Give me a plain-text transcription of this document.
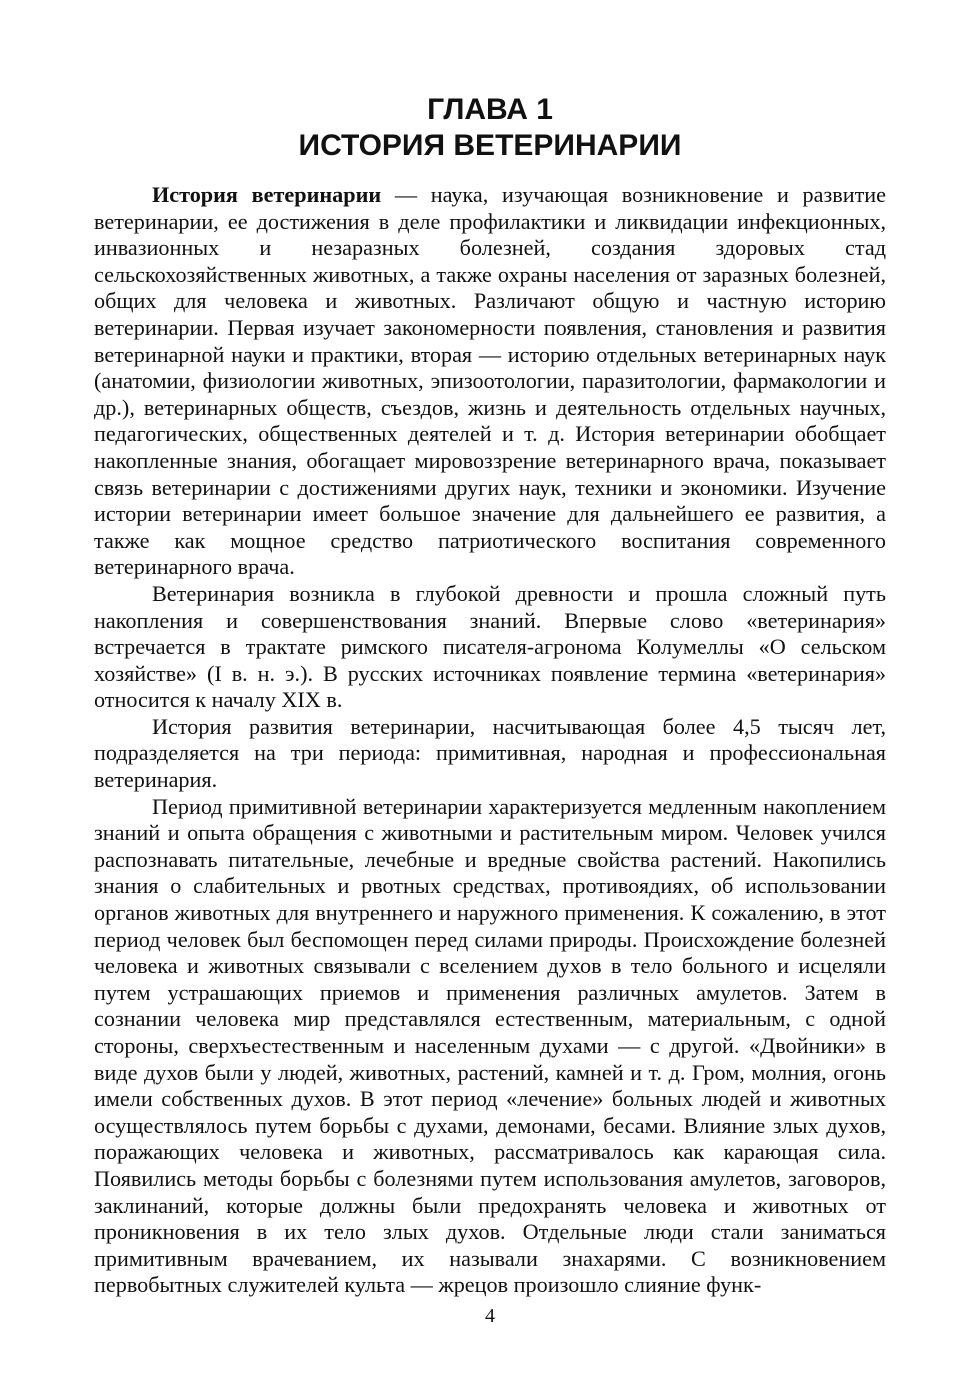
ГЛАВА 1
ИСТОРИЯ ВЕТЕРИНАРИИ

История ветеринарии — наука, изучающая возникновение и развитие ветеринарии, ее достижения в деле профилактики и ликвидации инфекционных, инвазионных и незаразных болезней, создания здоровых стад сельскохозяйственных животных, а также охраны населения от заразных болезней, общих для человека и животных. Различают общую и частную историю ветеринарии. Первая изучает закономерности появления, становления и развития ветеринарной науки и практики, вторая — историю отдельных ветеринарных наук (анатомии, физиологии животных, эпизоотологии, паразитологии, фармакологии и др.), ветеринарных обществ, съездов, жизнь и деятельность отдельных научных, педагогических, общественных деятелей и т. д. История ветеринарии обобщает накопленные знания, обогащает мировоззрение ветеринарного врача, показывает связь ветеринарии с достижениями других наук, техники и экономики. Изучение истории ветеринарии имеет большое значение для дальнейшего ее развития, а также как мощное средство патриотического воспитания современного ветеринарного врача.

Ветеринария возникла в глубокой древности и прошла сложный путь накопления и совершенствования знаний. Впервые слово «ветеринария» встречается в трактате римского писателя-агронома Колумеллы «О сельском хозяйстве» (I в. н. э.). В русских источниках появление термина «ветеринария» относится к началу XIX в.

История развития ветеринарии, насчитывающая более 4,5 тысяч лет, подразделяется на три периода: примитивная, народная и профессиональная ветеринария.

Период примитивной ветеринарии характеризуется медленным накоплением знаний и опыта обращения с животными и растительным миром. Человек учился распознавать питательные, лечебные и вредные свойства растений. Накопились знания о слабительных и рвотных средствах, противоядиях, об использовании органов животных для внутреннего и наружного применения. К сожалению, в этот период человек был беспомощен перед силами природы. Происхождение болезней человека и животных связывали с вселением духов в тело больного и исцеляли путем устрашающих приемов и применения различных амулетов. Затем в сознании человека мир представлялся естественным, материальным, с одной стороны, сверхъестественным и населенным духами — с другой. «Двойники» в виде духов были у людей, животных, растений, камней и т. д. Гром, молния, огонь имели собственных духов. В этот период «лечение» больных людей и животных осуществлялось путем борьбы с духами, демонами, бесами. Влияние злых духов, поражающих человека и животных, рассматривалось как карающая сила. Появились методы борьбы с болезнями путем использования амулетов, заговоров, заклинаний, которые должны были предохранять человека и животных от проникновения в их тело злых духов. Отдельные люди стали заниматься примитивным врачеванием, их называли знахарями. С возникновением первобытных служителей культа — жрецов произошло слияние функ-

4
